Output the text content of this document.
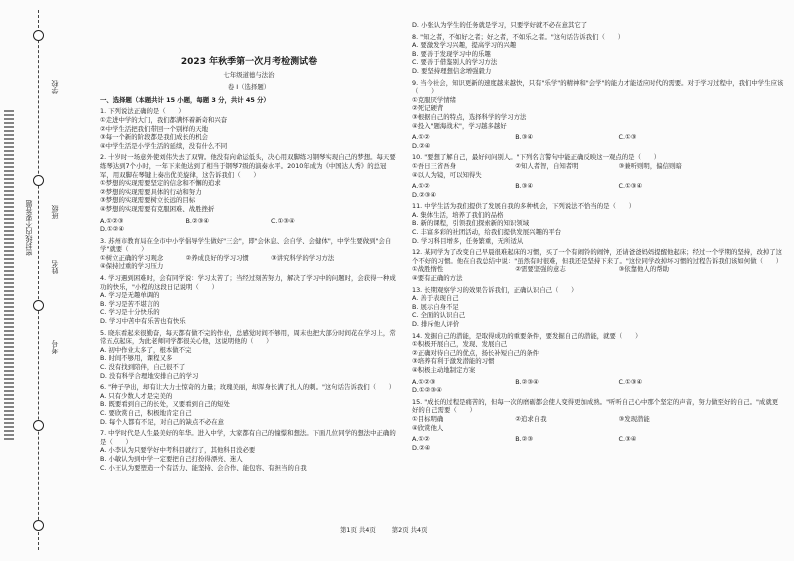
学校
班级
姓名
考号
密封线内不要答题
2023 年秋季第一次月考检测试卷
七年级道德与法治
卷 I（选择题）
一、选择题（本题共计 15 小题，每题 3 分，共计 45 分）
1. 下列说法正确的是（　　）
①走进中学的大门，我们都满怀着新奇和兴奋
②中学生活把我们带回一个别样的天地
③每一个新的阶段都是我们成长的机会
④中学生活是小学生活的延续，没有什么不同
2. 十岁时一场意外使刘伟失去了双臂。他没有向命运低头，决心用双脚练习钢琴实现自己的梦想。每天要练琴达到7个小时，一年下来他达到了相当于钢琴7级的演奏水平。2010年成为《中国达人秀》的总冠军，用双脚在琴键上奏出优美旋律，这告诉我们（　　）
①梦想的实现需要坚定的信念和不懈的追求
②梦想的实现需要具体的行动和努力
③梦想的实现需要树立长远的目标
④梦想的实现需要有克服困难、战胜挫折
A.①②③	B.②③④	C.①③④
D.①②④
3. 苏州市教育局在全市中小学倡导学生做好"三会"，即"会休息、会自学、会健体"，中学生要做到"会自学"就要（　　）
①树立正确的学习观念	②养成良好的学习习惯	③讲究科学的学习方法
④保持过重的学习压力
4. 学习遇到困难时，会有同学说：学习太苦了；当经过刻苦努力，解决了学习中的问题时，会获得一种成功的快乐，"小程的这段日记说明（　　）
A. 学习是无趣单调的
B. 学习是苦不堪言的
C. 学习是十分快乐的
D. 学习中苦中有乐苦也有快乐
5. 晓东看起来很勤奋，每天都有做不完的作业，总感觉时间不够用，周末也把大部分时间花在学习上，常常五点起床，为此老师同学都很关心他，这说明他的（　　）
A. 初中作业太多了，根本做不完
B. 时间不够用，课程又多
C. 没有找到陪伴，自己很不了
D. 没有科学合理地安排自己的学习
6. "种子孕出，却有让大力士惊奇的力量；玫瑰美丽，却浑身长满了扎人的刺。"这句话告诉我们（　　）
A. 只有少数人才是完美的
B. 既要看到自己的长处，又要看到自己的短处
C. 要欣赏自己，积极地肯定自己
D. 每个人都有不足，对自己的缺点不必在意
7. 中学时代是人生最美好的年华。进入中学，大家都有自己的憧憬和想法。下面几位同学的想法中正确的是（　　）
A. 小李认为只要学好中考科目就行了，其他科目没必要
B. 小敏认为到中学一定要把自己打扮得漂亮、迷人
C. 小王认为要塑造一个有活力、能坚持、会合作、能包容、有担当的自我
D. 小张认为学生的任务就是学习，只要学好就不必在意其它了
8. "知之者，不如好之者；好之者，不如乐之者。"这句话告诉我们（　　）
A. 要激发学习兴趣，提高学习的兴趣
B. 要善于发现学习中的乐趣
C. 要善于借鉴别人的学习方法
D. 要坚持理想信念增强毅力
9. 当今社会，知识更新的速度越来越快，只有"乐学"的精神和"会学"的能力才能适应时代的需要。对于学习过程中，我们中学生应该（　　）
①克服厌学情绪
②死记硬背
③根据自己的特点，选择科学的学习方法
④投入"题海战术"，学习越多越好
A.①②	B.③④	C.①③
D.②④
10. "要想了解自己，最好问问别人。"下列名言警句中能正确反映这一观点的是（　　）
①吾日三省吾身	②知人者智，自知者明	③兼听则明，偏信则暗
④以人为镜，可以知得失
A.①②	B.③④	C.①③④
D.②③④
11. 中学生活为我们提供了发展自我的多种机会，下列说法不恰当的是（　　）
A. 集体生活，培养了我们的品格
B. 新的课程，引领我们探索新的知识领域
C. 丰富多彩的社团活动，给我们提供发展兴趣的平台
D. 学习科目增多，任务繁重，无所适从
12. 某同学为了改变自己早晨很难起床的习惯，买了一个有闹铃的闹钟，还请爸爸妈妈提醒他起床；经过一个学期的坚持，改掉了这个不好的习惯。他在自我总结中说："虽然有时很难，但我还是坚持下来了。"这位同学改掉坏习惯的过程告诉我们该如何做（　　）
①战胜惰性	②需要坚强的意志	③依靠他人的帮助
④要有正确的方法
13. 长期观察学习的效果告诉我们，正确认识自己（　　）
A. 善于表现自己
B. 展示自身不足
C. 全面的认识自己
D. 排斥他人评价
14. 发掘自己的潜能，是取得成功的重要条件，要发掘自己的潜能，就要（　　）
①积极开展自己，发现、发展自己
②正确对待自己的优点，扬长补短自己的条件
③培养有利于激发潜能的习惯
④积极主动地制定方案
A.①②③	B.②③④	C.①③④
D.①②③④
15. "成长的过程是痛苦的，但每一次的磨砺都会使人变得更加成熟。"听听自己心中那个坚定的声音，努力做至好的自己。"成就更好的自己需要（　　）
①目标明确	②追求自我	③发现潜能
④欣赏他人
A.①②	B.②③	C.③④
D.②④
第1页 共4页	第2页 共4页
